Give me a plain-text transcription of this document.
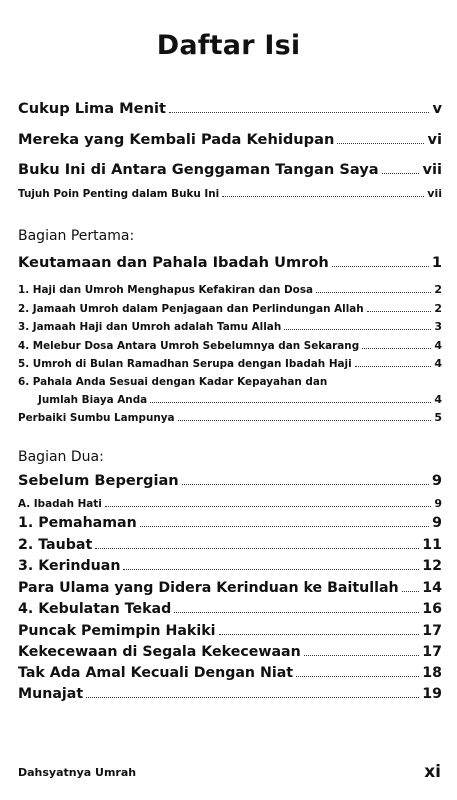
Daftar Isi
Cukup Lima Menit	v
Mereka yang Kembali Pada Kehidupan	vi
Buku Ini di Antara Genggaman Tangan Saya	vii
Tujuh Poin Penting dalam Buku Ini	vii
Bagian Pertama:
Keutamaan dan Pahala Ibadah Umroh	1
1. Haji dan Umroh Menghapus Kefakiran dan Dosa	2
2. Jamaah Umroh dalam Penjagaan dan Perlindungan Allah	2
3. Jamaah Haji dan Umroh adalah Tamu Allah	3
4. Melebur Dosa Antara Umroh Sebelumnya dan Sekarang	4
5. Umroh di Bulan Ramadhan Serupa dengan Ibadah Haji	4
6. Pahala Anda Sesuai dengan Kadar Kepayahan dan
Jumlah Biaya Anda	4
Perbaiki Sumbu Lampunya	5
Bagian Dua:
Sebelum Bepergian	9
A. Ibadah Hati	9
1. Pemahaman	9
2. Taubat	11
3. Kerinduan	12
Para Ulama yang Didera Kerinduan ke Baitullah 14
4. Kebulatan Tekad	16
Puncak Pemimpin Hakiki	17
Kekecewaan di Segala Kekecewaan	17
Tak Ada Amal Kecuali Dengan Niat	18
Munajat	19
Dahsyatnya Umrah	xi
